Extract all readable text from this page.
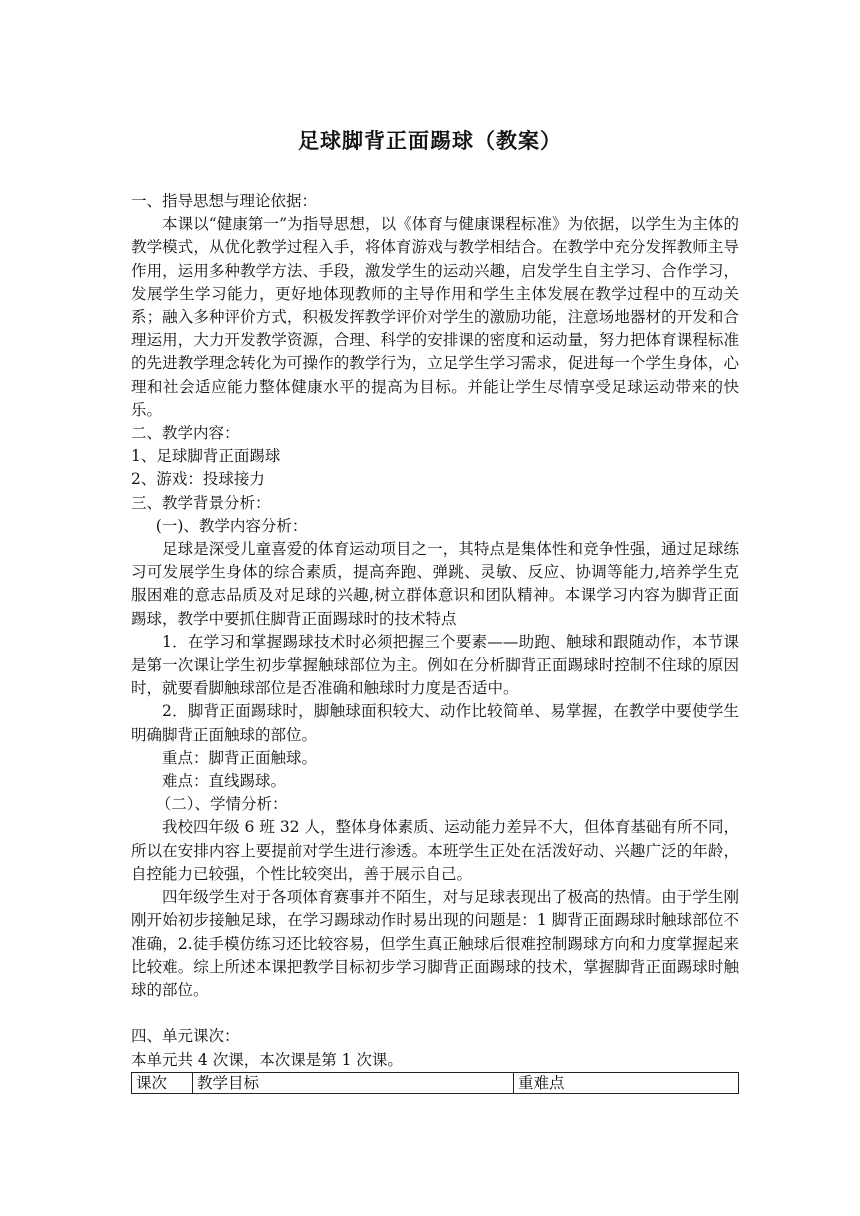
足球脚背正面踢球（教案）

一、指导思想与理论依据：

本课以“健康第一”为指导思想，以《体育与健康课程标准》为依据，以学生为主体的教学模式，从优化教学过程入手，将体育游戏与教学相结合。在教学中充分发挥教师主导作用，运用多种教学方法、手段，激发学生的运动兴趣，启发学生自主学习、合作学习，发展学生学习能力，更好地体现教师的主导作用和学生主体发展在教学过程中的互动关系；融入多种评价方式，积极发挥教学评价对学生的激励功能，注意场地器材的开发和合理运用，大力开发教学资源，合理、科学的安排课的密度和运动量，努力把体育课程标准的先进教学理念转化为可操作的教学行为，立足学生学习需求，促进每一个学生身体，心理和社会适应能力整体健康水平的提高为目标。并能让学生尽情享受足球运动带来的快乐。

二、教学内容：

1、足球脚背正面踢球

2、游戏：投球接力

三、教学背景分析：

(一)、教学内容分析：

足球是深受儿童喜爱的体育运动项目之一，其特点是集体性和竞争性强，通过足球练习可发展学生身体的综合素质，提高奔跑、弹跳、灵敏、反应、协调等能力,培养学生克服困难的意志品质及对足球的兴趣,树立群体意识和团队精神。本课学习内容为脚背正面踢球，教学中要抓住脚背正面踢球时的技术特点

1．在学习和掌握踢球技术时必须把握三个要素——助跑、触球和跟随动作，本节课是第一次课让学生初步掌握触球部位为主。例如在分析脚背正面踢球时控制不住球的原因时，就要看脚触球部位是否准确和触球时力度是否适中。

2．脚背正面踢球时，脚触球面积较大、动作比较简单、易掌握，在教学中要使学生明确脚背正面触球的部位。

重点：脚背正面触球。

难点：直线踢球。

（二）、学情分析：

我校四年级 6 班 32 人，整体身体素质、运动能力差异不大，但体育基础有所不同，所以在安排内容上要提前对学生进行渗透。本班学生正处在活泼好动、兴趣广泛的年龄，自控能力已较强，个性比较突出，善于展示自己。

四年级学生对于各项体育赛事并不陌生，对与足球表现出了极高的热情。由于学生刚刚开始初步接触足球，在学习踢球动作时易出现的问题是：1 脚背正面踢球时触球部位不准确，2.徒手模仿练习还比较容易，但学生真正触球后很难控制踢球方向和力度掌握起来比较难。综上所述本课把教学目标初步学习脚背正面踢球的技术，掌握脚背正面踢球时触球的部位。

四、单元课次：

本单元共 4 次课，本次课是第 1 次课。

课次	教学目标	重难点
